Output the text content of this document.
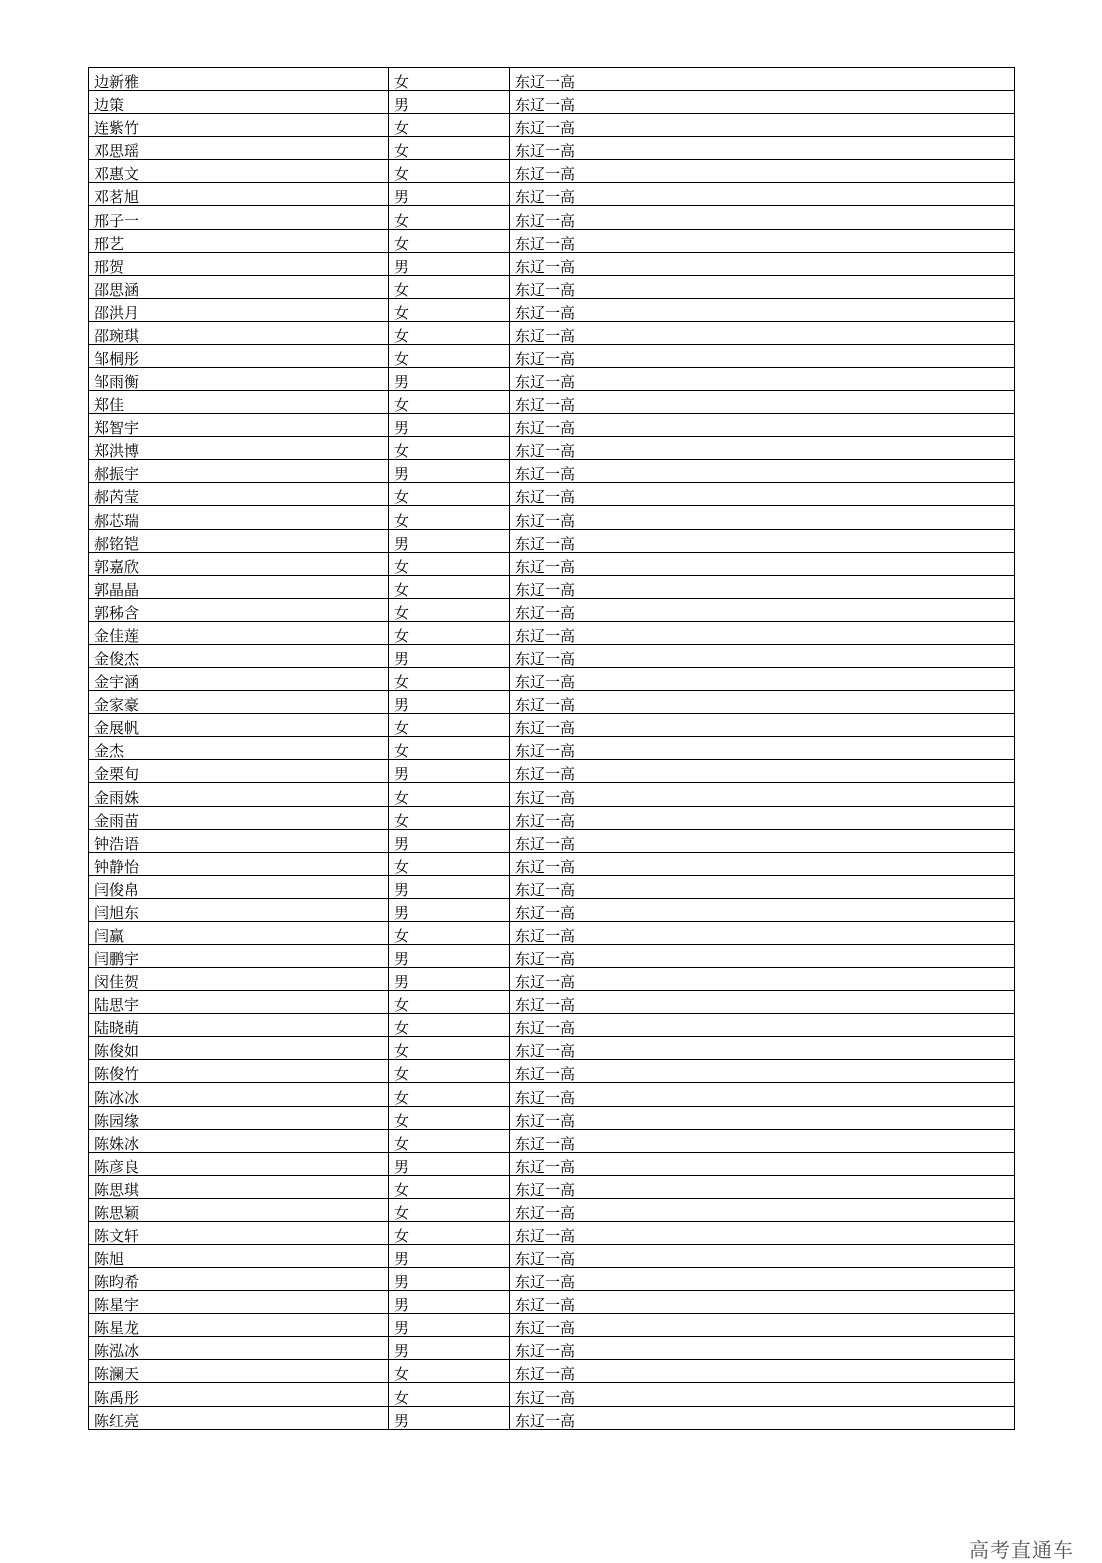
边新雅	女	东辽一高
边策	男	东辽一高
连紫竹	女	东辽一高
邓思瑶	女	东辽一高
邓惠文	女	东辽一高
邓茗旭	男	东辽一高
邢子一	女	东辽一高
邢艺	女	东辽一高
邢贺	男	东辽一高
邵思涵	女	东辽一高
邵洪月	女	东辽一高
邵琬琪	女	东辽一高
邹桐彤	女	东辽一高
邹雨衡	男	东辽一高
郑佳	女	东辽一高
郑智宇	男	东辽一高
郑洪博	女	东辽一高
郝振宇	男	东辽一高
郝芮莹	女	东辽一高
郝芯瑞	女	东辽一高
郝铭铠	男	东辽一高
郭嘉欣	女	东辽一高
郭晶晶	女	东辽一高
郭秭含	女	东辽一高
金佳莲	女	东辽一高
金俊杰	男	东辽一高
金宇涵	女	东辽一高
金家豪	男	东辽一高
金展帆	女	东辽一高
金杰	女	东辽一高
金栗旬	男	东辽一高
金雨姝	女	东辽一高
金雨苗	女	东辽一高
钟浩语	男	东辽一高
钟静怡	女	东辽一高
闫俊帛	男	东辽一高
闫旭东	男	东辽一高
闫赢	女	东辽一高
闫鹏宇	男	东辽一高
闵佳贺	男	东辽一高
陆思宇	女	东辽一高
陆晓萌	女	东辽一高
陈俊如	女	东辽一高
陈俊竹	女	东辽一高
陈冰冰	女	东辽一高
陈园缘	女	东辽一高
陈姝冰	女	东辽一高
陈彦良	男	东辽一高
陈思琪	女	东辽一高
陈思颖	女	东辽一高
陈文轩	女	东辽一高
陈旭	男	东辽一高
陈昀希	男	东辽一高
陈星宇	男	东辽一高
陈星龙	男	东辽一高
陈泓冰	男	东辽一高
陈澜天	女	东辽一高
陈禹彤	女	东辽一高
陈红亮	男	东辽一高
高考直通车
